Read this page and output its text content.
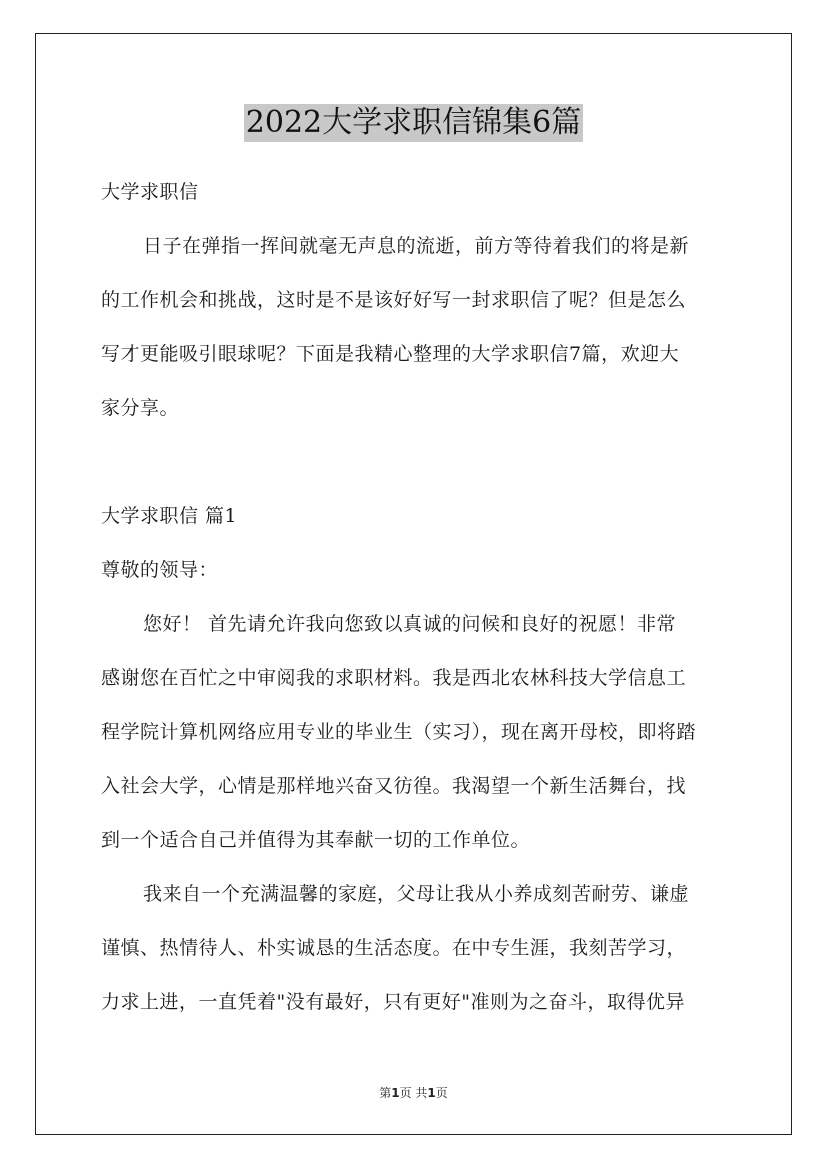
2022大学求职信锦集6篇
大学求职信
日子在弹指一挥间就毫无声息的流逝，前方等待着我们的将是新
的工作机会和挑战，这时是不是该好好写一封求职信了呢？但是怎么
写才更能吸引眼球呢？下面是我精心整理的大学求职信7篇，欢迎大
家分享。
大学求职信 篇1
尊敬的领导：
您好！ 首先请允许我向您致以真诚的问候和良好的祝愿！非常
感谢您在百忙之中审阅我的求职材料。我是西北农林科技大学信息工
程学院计算机网络应用专业的毕业生（实习），现在离开母校，即将踏
入社会大学，心情是那样地兴奋又彷徨。我渴望一个新生活舞台，找
到一个适合自己并值得为其奉献一切的工作单位。
我来自一个充满温馨的家庭，父母让我从小养成刻苦耐劳、谦虚
谨慎、热情待人、朴实诚恳的生活态度。在中专生涯，我刻苦学习，
力求上进，一直凭着"没有最好，只有更好"准则为之奋斗，取得优异
第1页 共1页
